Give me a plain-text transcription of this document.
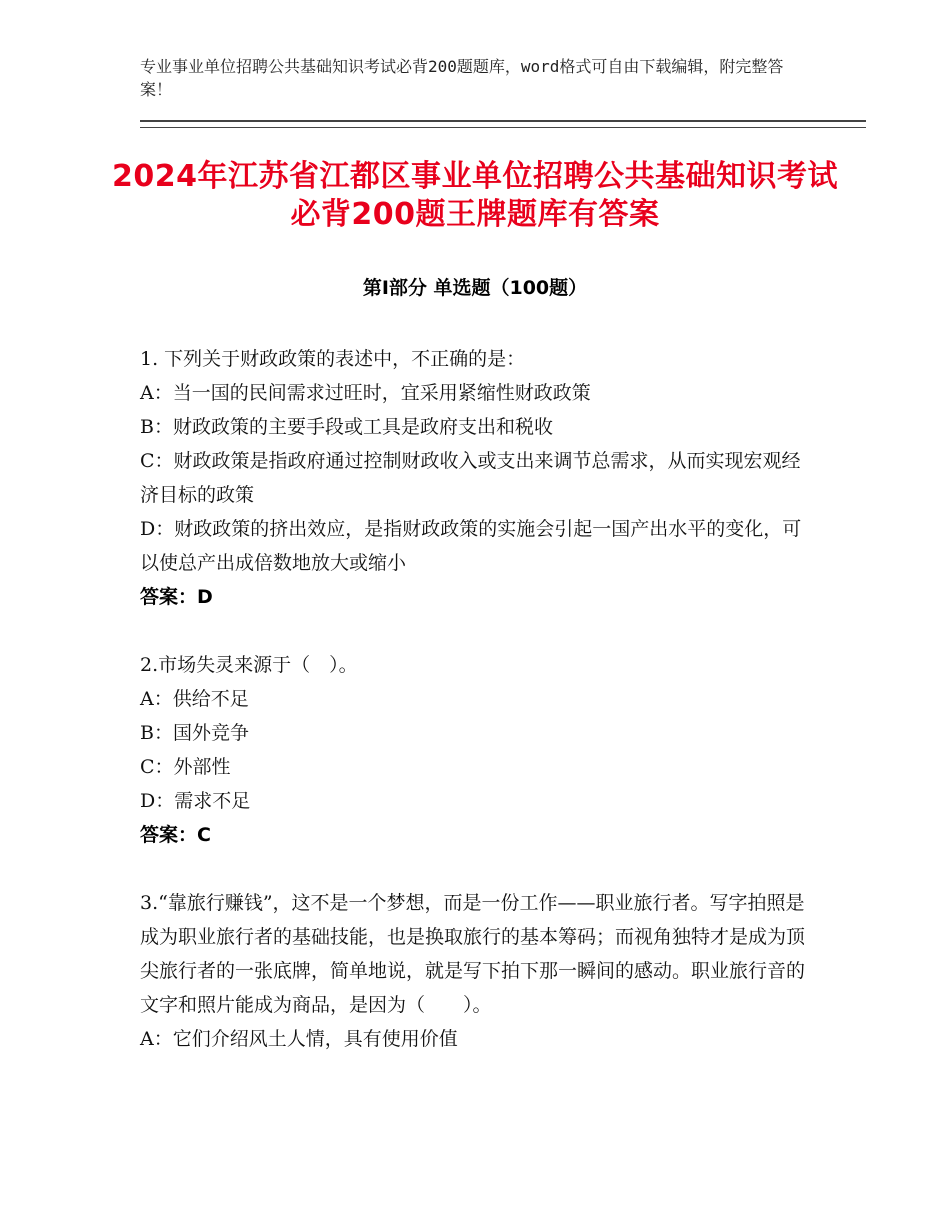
专业事业单位招聘公共基础知识考试必背200题题库，word格式可自由下载编辑，附完整答案！
2024年江苏省江都区事业单位招聘公共基础知识考试必背200题王牌题库有答案
第Ⅰ部分 单选题（100题）
1. 下列关于财政政策的表述中，不正确的是：
A：当一国的民间需求过旺时，宜采用紧缩性财政政策
B：财政政策的主要手段或工具是政府支出和税收
C：财政政策是指政府通过控制财政收入或支出来调节总需求，从而实现宏观经济目标的政策
D：财政政策的挤出效应，是指财政政策的实施会引起一国产出水平的变化，可以使总产出成倍数地放大或缩小
答案：D
2.市场失灵来源于（　）。
A：供给不足
B：国外竞争
C：外部性
D：需求不足
答案：C
3.“靠旅行赚钱”，这不是一个梦想，而是一份工作——职业旅行者。写字拍照是成为职业旅行者的基础技能，也是换取旅行的基本筹码；而视角独特才是成为顶尖旅行者的一张底牌，简单地说，就是写下拍下那一瞬间的感动。职业旅行音的文字和照片能成为商品，是因为（　　）。
A：它们介绍风土人情，具有使用价值
